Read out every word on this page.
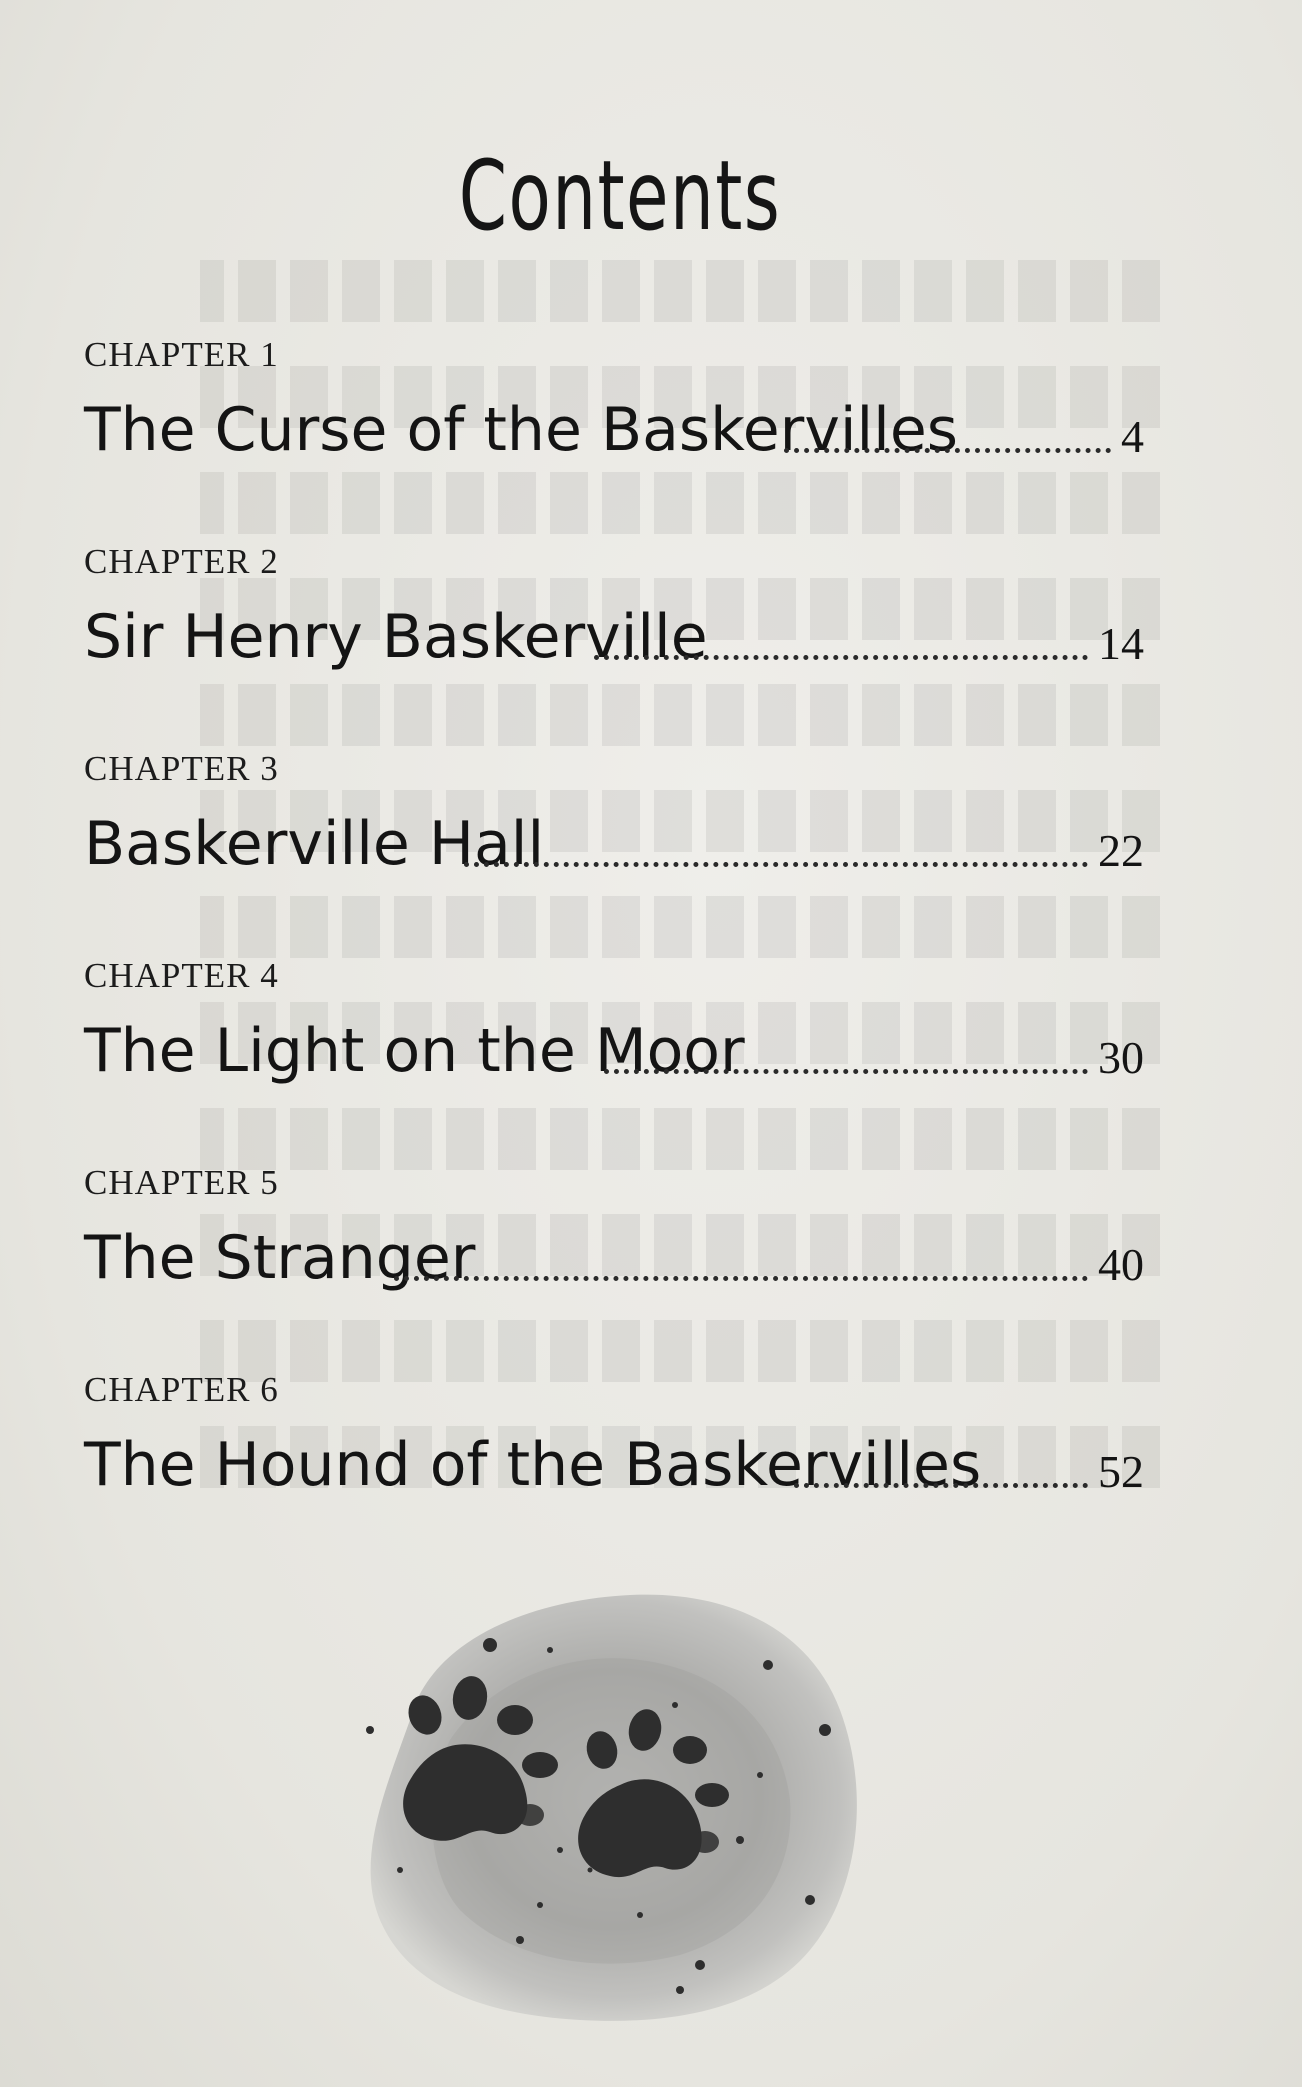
Contents
CHAPTER 1
The Curse of the Baskervilles	4
CHAPTER 2
Sir Henry Baskerville	14
CHAPTER 3
Baskerville Hall	22
CHAPTER 4
The Light on the Moor	30
CHAPTER 5
The Stranger	40
CHAPTER 6
The Hound of the Baskervilles	52
